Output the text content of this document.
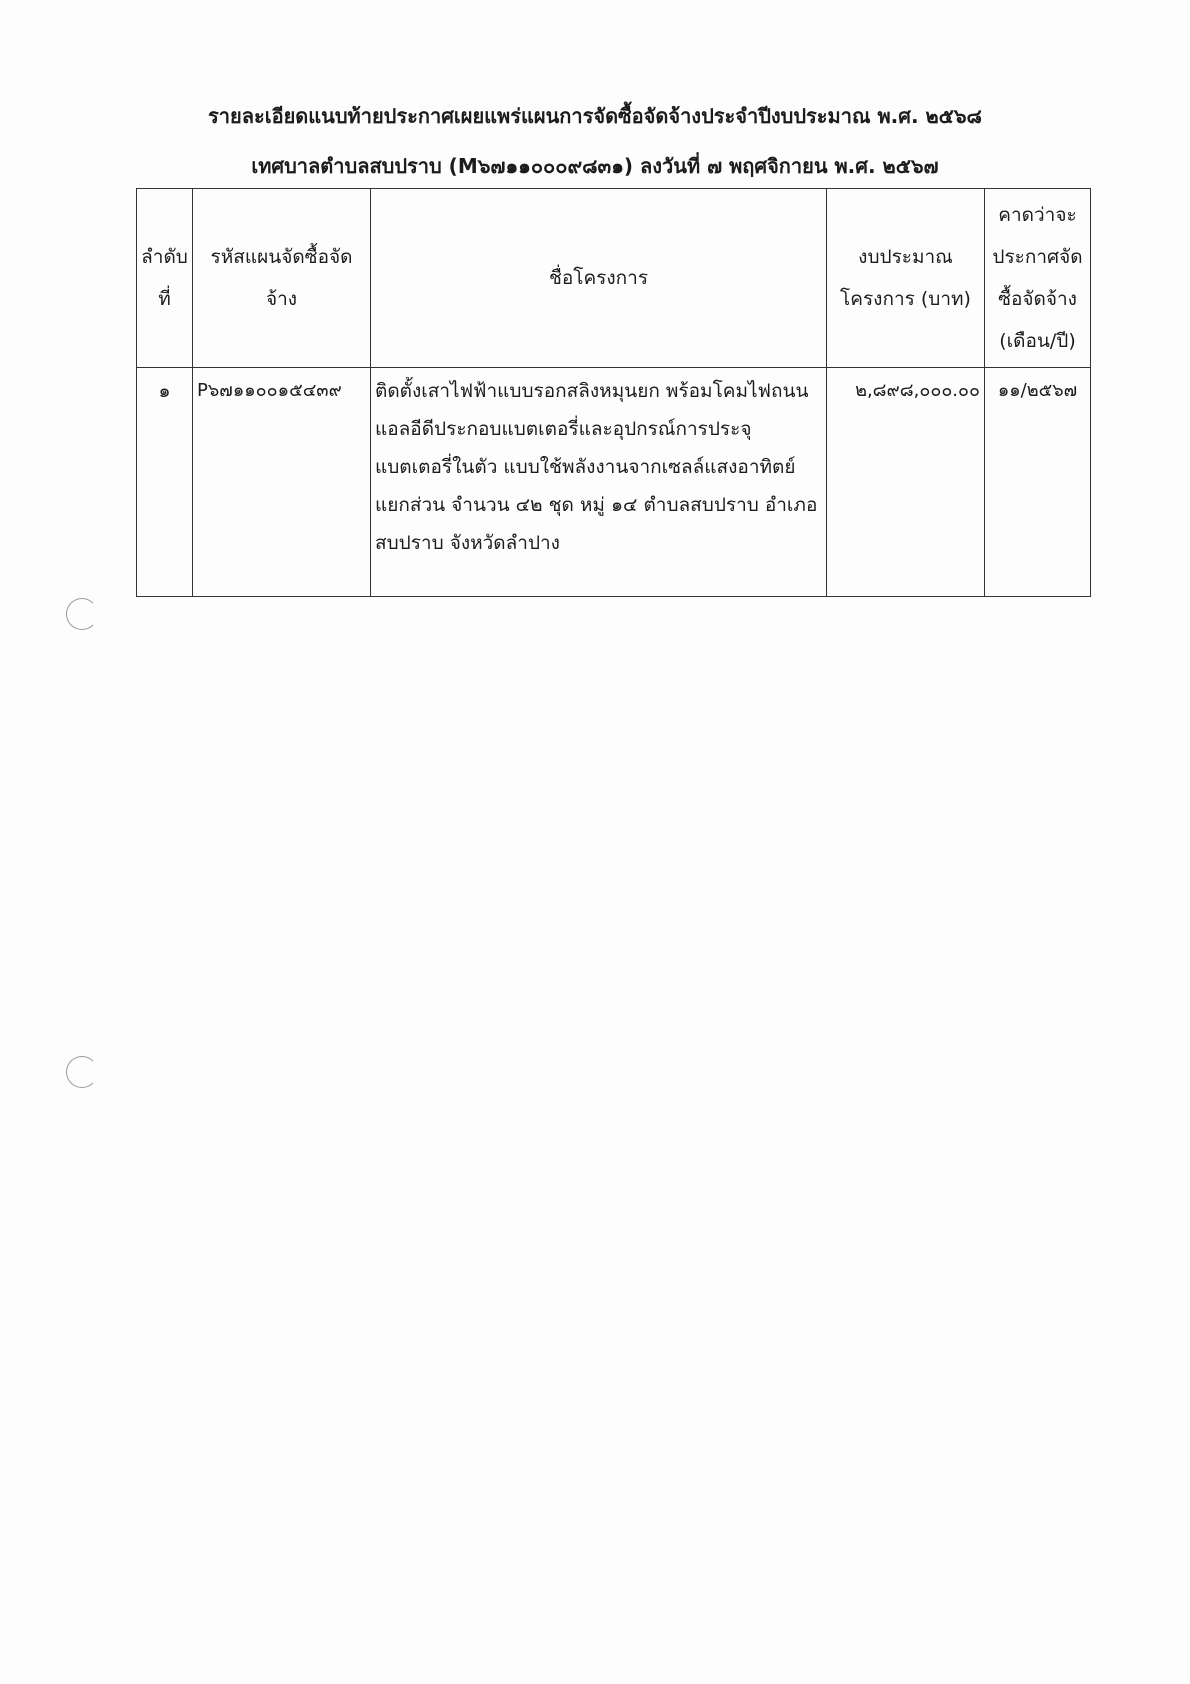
รายละเอียดแนบท้ายประกาศเผยแพร่แผนการจัดซื้อจัดจ้างประจำปีงบประมาณ พ.ศ. ๒๕๖๘
เทศบาลตำบลสบปราบ (M๖๗๑๑๐๐๐๙๘๓๑) ลงวันที่ ๗ พฤศจิกายน พ.ศ. ๒๕๖๗
ลำดับที่	รหัสแผนจัดซื้อจัดจ้าง	ชื่อโครงการ	งบประมาณโครงการ (บาท)	คาดว่าจะประกาศจัดซื้อจัดจ้าง (เดือน/ปี)
๑	P๖๗๑๑๐๐๑๕๔๓๙	ติดตั้งเสาไฟฟ้าแบบรอกสลิงหมุนยก พร้อมโคมไฟถนนแอลอีดีประกอบแบตเตอรี่และอุปกรณ์การประจุแบตเตอรี่ในตัว แบบใช้พลังงานจากเซลล์แสงอาทิตย์แยกส่วน จำนวน ๔๒ ชุด หมู่ ๑๔ ตำบลสบปราบ อำเภอสบปราบ จังหวัดลำปาง	๒,๘๙๘,๐๐๐.๐๐	๑๑/๒๕๖๗
